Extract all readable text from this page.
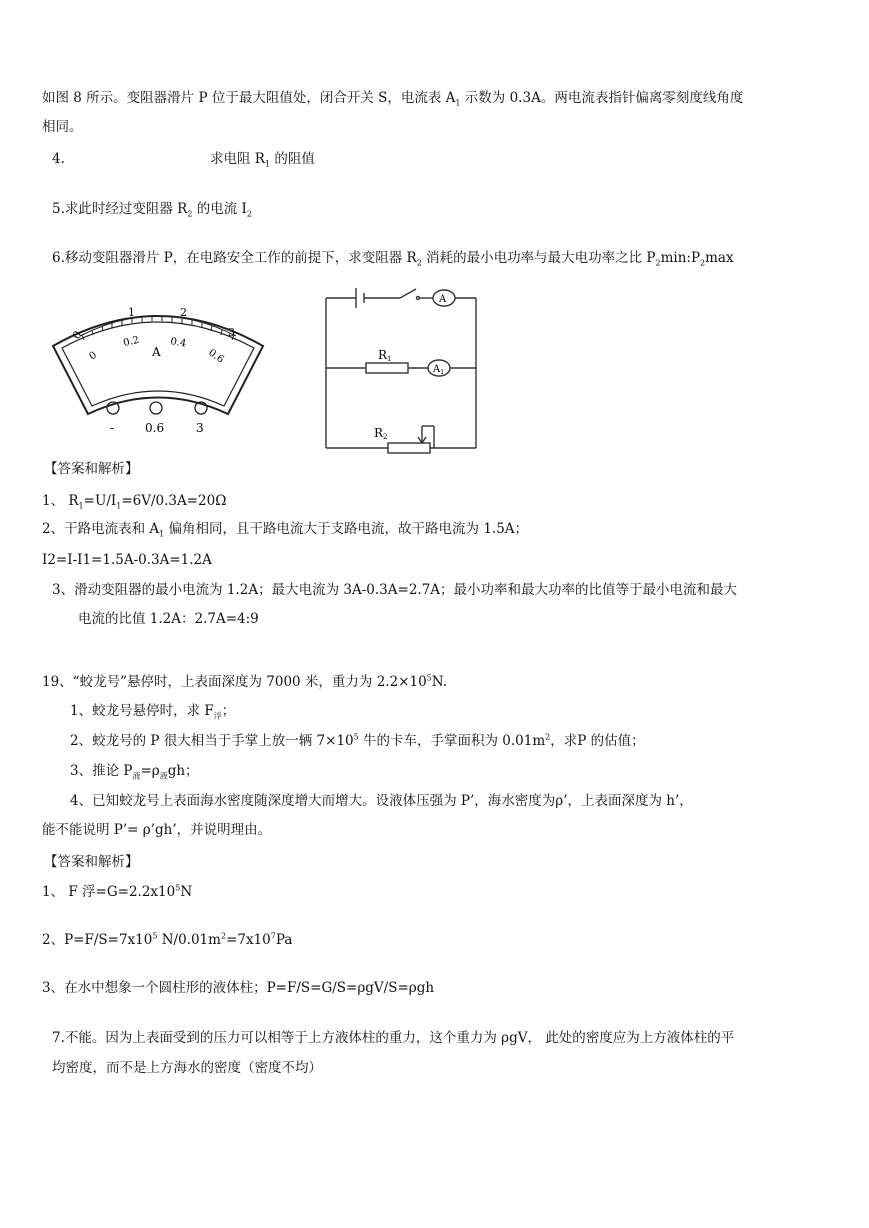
如图 8 所示。变阻器滑片 P 位于最大阻值处，闭合开关 S，电流表 $A_1$ 示数为 0.3A。两电流表指针偏离零刻度线角度
相同。
4.	求电阻 $R_1$ 的阻值
5.求此时经过变阻器 $R_2$ 的电流 $I_2$
6.移动变阻器滑片 P，在电路安全工作的前提下，求变阻器 $R_2$ 消耗的最小电功率与最大电功率之比 $P_2\min:P_2\max$
0
1	2
3
0
0.2	0.4
0.6
A
-	0.6	3
A
$A_1$
R1
R2
【答案和解析】
1、 $R_1=U/I_1=6V/0.3A=20\Omega$
2、干路电流表和 $A_1$ 偏角相同，且干路电流大于支路电流，故干路电流为 1.5A；
I2=I-I1=1.5A-0.3A=1.2A
3、滑动变阻器的最小电流为 1.2A；最大电流为 3A-0.3A=2.7A；最小功率和最大功率的比值等于最小电流和最大
电流的比值 1.2A：2.7A=4:9
19、“蛟龙号”悬停时，上表面深度为 7000 米，重力为 $2.2\times 10^5N$.
1、蛟龙号悬停时，求 $F_浮$；
2、蛟龙号的 P 很大相当于手掌上放一辆 $7\times 10^5$ 牛的卡车，手掌面积为 $0.01m^2$，求P 的估值；
3、推论 $P_液=\rho_液gh$；
4、已知蛟龙号上表面海水密度随深度增大而增大。设液体压强为 P’，海水密度为ρ’，上表面深度为 h’，
能不能说明 P’= ρ’gh’，并说明理由。
【答案和解析】
1、 F 浮$=G=2.2x10^5N$
2、$P=F/S=7x10^5$ $N/0.01m^2=7x10^7Pa$
3、在水中想象一个圆柱形的液体柱；P=F/S=G/S=ρgV/S=ρgh
7.不能。因为上表面受到的压力可以相等于上方液体柱的重力，这个重力为 ρgV， 此处的密度应为上方液体柱的平
均密度，而不是上方海水的密度（密度不均）
